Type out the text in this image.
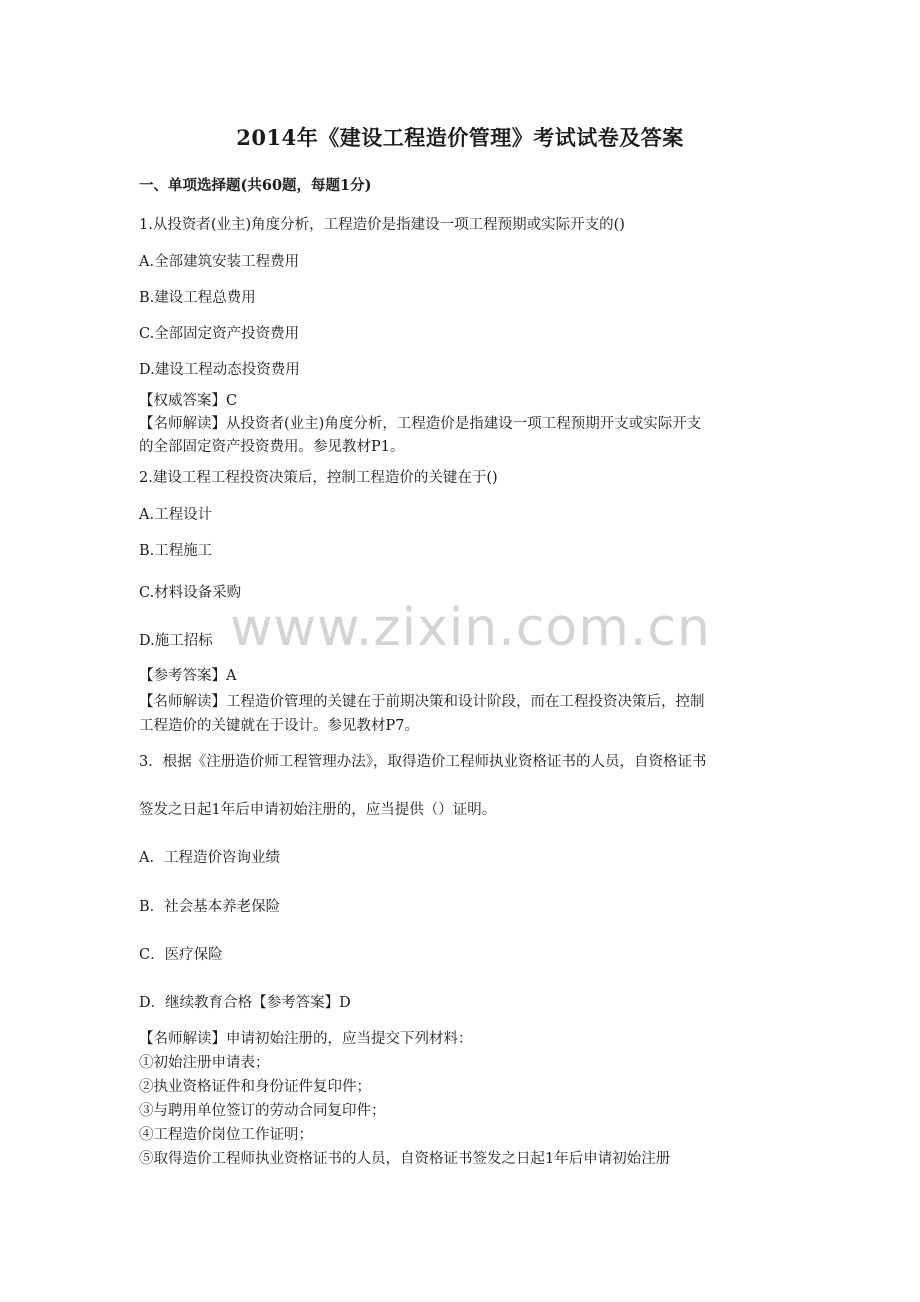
2014年《建设工程造价管理》考试试卷及答案
一、单项选择题(共60题，每题1分)
1.从投资者(业主)角度分析，工程造价是指建设一项工程预期或实际开支的()
A.全部建筑安装工程费用
B.建设工程总费用
C.全部固定资产投资费用
D.建设工程动态投资费用
【权威答案】C
【名师解读】从投资者(业主)角度分析，工程造价是指建设一项工程预期开支或实际开支
的全部固定资产投资费用。参见教材P1。
2.建设工程工程投资决策后，控制工程造价的关键在于()
A.工程设计
B.工程施工
C.材料设备采购
D.施工招标
【参考答案】A
【名师解读】工程造价管理的关键在于前期决策和设计阶段，而在工程投资决策后，控制
工程造价的关键就在于设计。参见教材P7。
3．根据《注册造价师工程管理办法》，取得造价工程师执业资格证书的人员，自资格证书
签发之日起1年后申请初始注册的，应当提供（）证明。
A．工程造价咨询业绩
B．社会基本养老保险
C．医疗保险
D．继续教育合格【参考答案】D
【名师解读】申请初始注册的，应当提交下列材料：
①初始注册申请表；
②执业资格证件和身份证件复印件；
③与聘用单位签订的劳动合同复印件；
④工程造价岗位工作证明；
⑤取得造价工程师执业资格证书的人员，自资格证书签发之日起1年后申请初始注册
www.zixin.com.cn
